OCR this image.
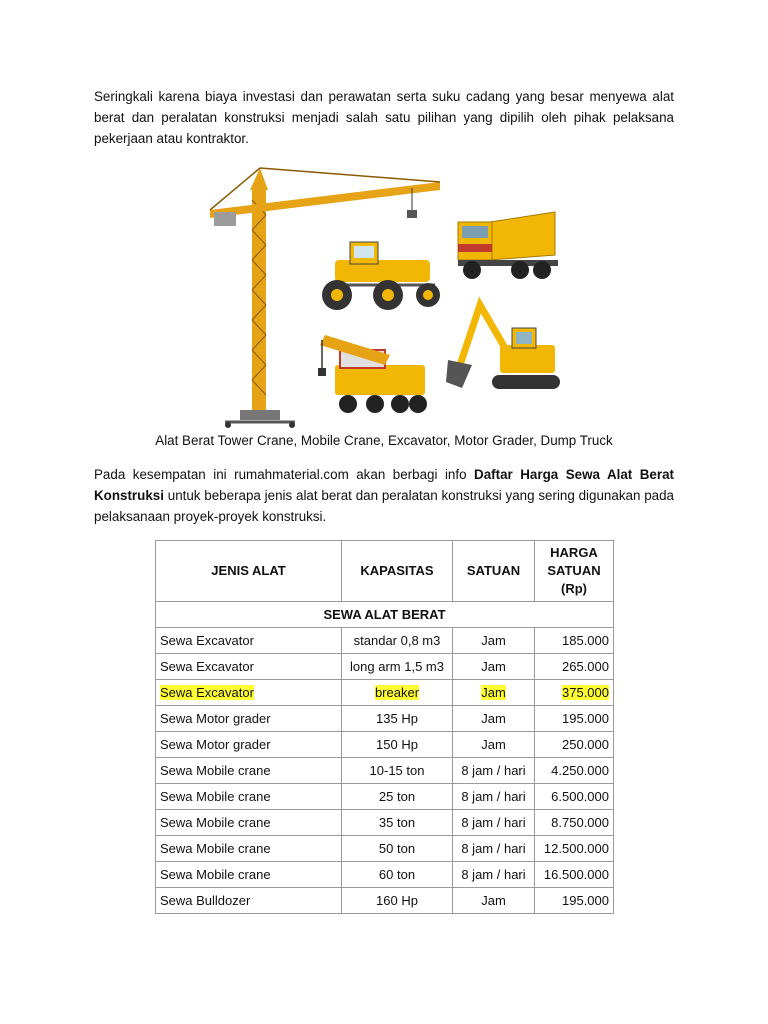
Seringkali karena biaya investasi dan perawatan serta suku cadang yang besar menyewa alat berat dan peralatan konstruksi menjadi salah satu pilihan yang dipilih oleh pihak pelaksana pekerjaan atau kontraktor.

Alat Berat Tower Crane, Mobile Crane, Excavator, Motor Grader, Dump Truck

Pada kesempatan ini rumahmaterial.com akan berbagi info Daftar Harga Sewa Alat Berat Konstruksi untuk beberapa jenis alat berat dan peralatan konstruksi yang sering digunakan pada pelaksanaan proyek-proyek konstruksi.

JENIS ALAT	KAPASITAS	SATUAN	HARGA SATUAN (Rp)
SEWA ALAT BERAT			
Sewa Excavator	standar 0,8 m3	Jam	185.000
Sewa Excavator	long arm 1,5 m3	Jam	265.000
Sewa Excavator	breaker	Jam	375.000
Sewa Motor grader	135 Hp	Jam	195.000
Sewa Motor grader	150 Hp	Jam	250.000
Sewa Mobile crane	10-15 ton	8 jam / hari	4.250.000
Sewa Mobile crane	25 ton	8 jam / hari	6.500.000
Sewa Mobile crane	35 ton	8 jam / hari	8.750.000
Sewa Mobile crane	50 ton	8 jam / hari	12.500.000
Sewa Mobile crane	60 ton	8 jam / hari	16.500.000
Sewa Bulldozer	160 Hp	Jam	195.000
